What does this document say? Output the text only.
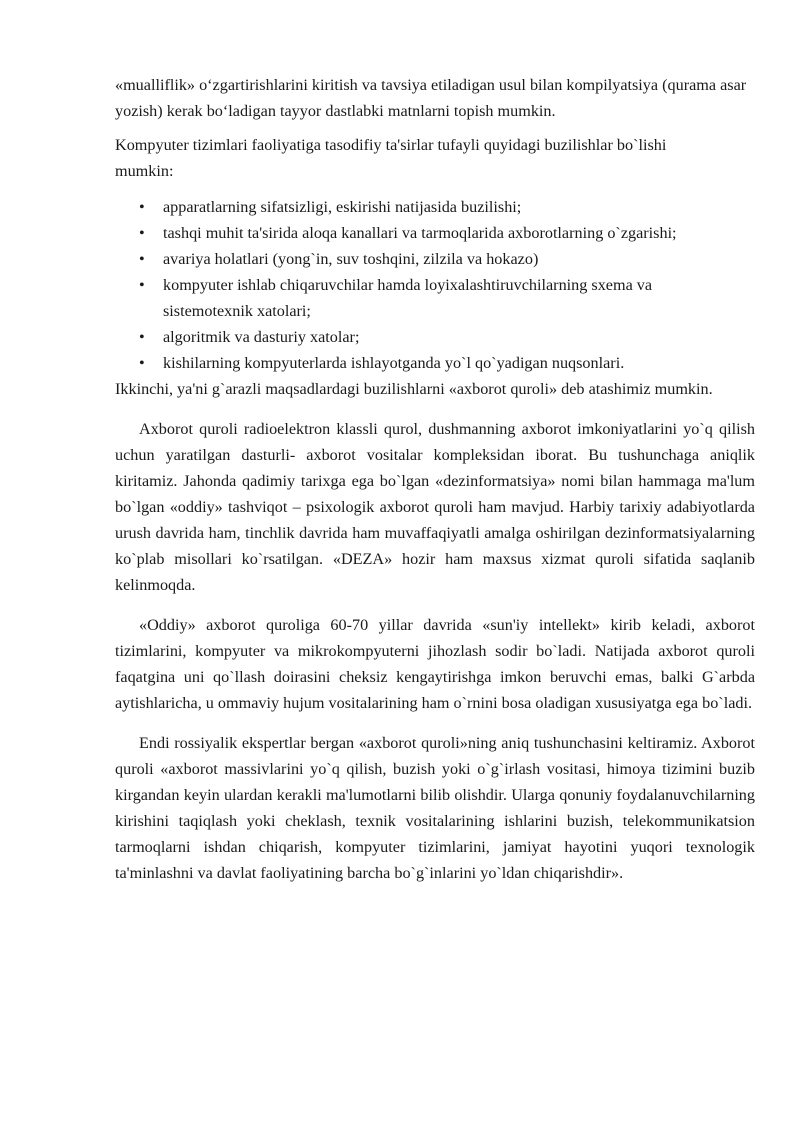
«mualliflik» o‘zgartirishlarini kiritish va tavsiya etiladigan usul bilan kompilyatsiya (qurama asar yozish) kerak bo‘ladigan tayyor dastlabki matnlarni topish mumkin.

Kompyuter tizimlari faoliyatiga tasodifiy ta'sirlar tufayli quyidagi buzilishlar bo`lishi mumkin:

• apparatlarning sifatsizligi, eskirishi natijasida buzilishi;
• tashqi muhit ta'sirida aloqa kanallari va tarmoqlarida axborotlarning o`zgarishi;
• avariya holatlari (yong`in, suv toshqini, zilzila va hokazo)
• kompyuter ishlab chiqaruvchilar hamda loyixalashtiruvchilarning sxema va sistemotexnik xatolari;
• algoritmik va dasturiy xatolar;
• kishilarning kompyuterlarda ishlayotganda yo`l qo`yadigan nuqsonlari.

Ikkinchi, ya'ni g`arazli maqsadlardagi buzilishlarni «axborot quroli» deb atashimiz mumkin.

Axborot quroli radioelektron klassli qurol, dushmanning axborot imkoniyatlarini yo`q qilish uchun yaratilgan dasturli- axborot vositalar kompleksidan iborat. Bu tushunchaga aniqlik kiritamiz. Jahonda qadimiy tarixga ega bo`lgan «dezinformatsiya» nomi bilan hammaga ma'lum bo`lgan «oddiy» tashviqot – psixologik axborot quroli ham mavjud. Harbiy tarixiy adabiyotlarda urush davrida ham, tinchlik davrida ham muvaffaqiyatli amalga oshirilgan dezinformatsiyalarning ko`plab misollari ko`rsatilgan. «DEZA» hozir ham maxsus xizmat quroli sifatida saqlanib kelinmoqda.

«Oddiy» axborot quroliga 60-70 yillar davrida «sun'iy intellekt» kirib keladi, axborot tizimlarini, kompyuter va mikrokompyuterni jihozlash sodir bo`ladi. Natijada axborot quroli faqatgina uni qo`llash doirasini cheksiz kengaytirishga imkon beruvchi emas, balki G`arbda aytishlaricha, u ommaviy hujum vositalarining ham o`rnini bosa oladigan xususiyatga ega bo`ladi.

Endi rossiyalik ekspertlar bergan «axborot quroli»ning aniq tushunchasini keltiramiz. Axborot quroli «axborot massivlarini yo`q qilish, buzish yoki o`g`irlash vositasi, himoya tizimini buzib kirgandan keyin ulardan kerakli ma'lumotlarni bilib olishdir. Ularga qonuniy foydalanuvchilarning kirishini taqiqlash yoki cheklash, texnik vositalarining ishlarini buzish, telekommunikatsion tarmoqlarni ishdan chiqarish, kompyuter tizimlarini, jamiyat hayotini yuqori texnologik ta'minlashni va davlat faoliyatining barcha bo`g`inlarini yo`ldan chiqarishdir».
